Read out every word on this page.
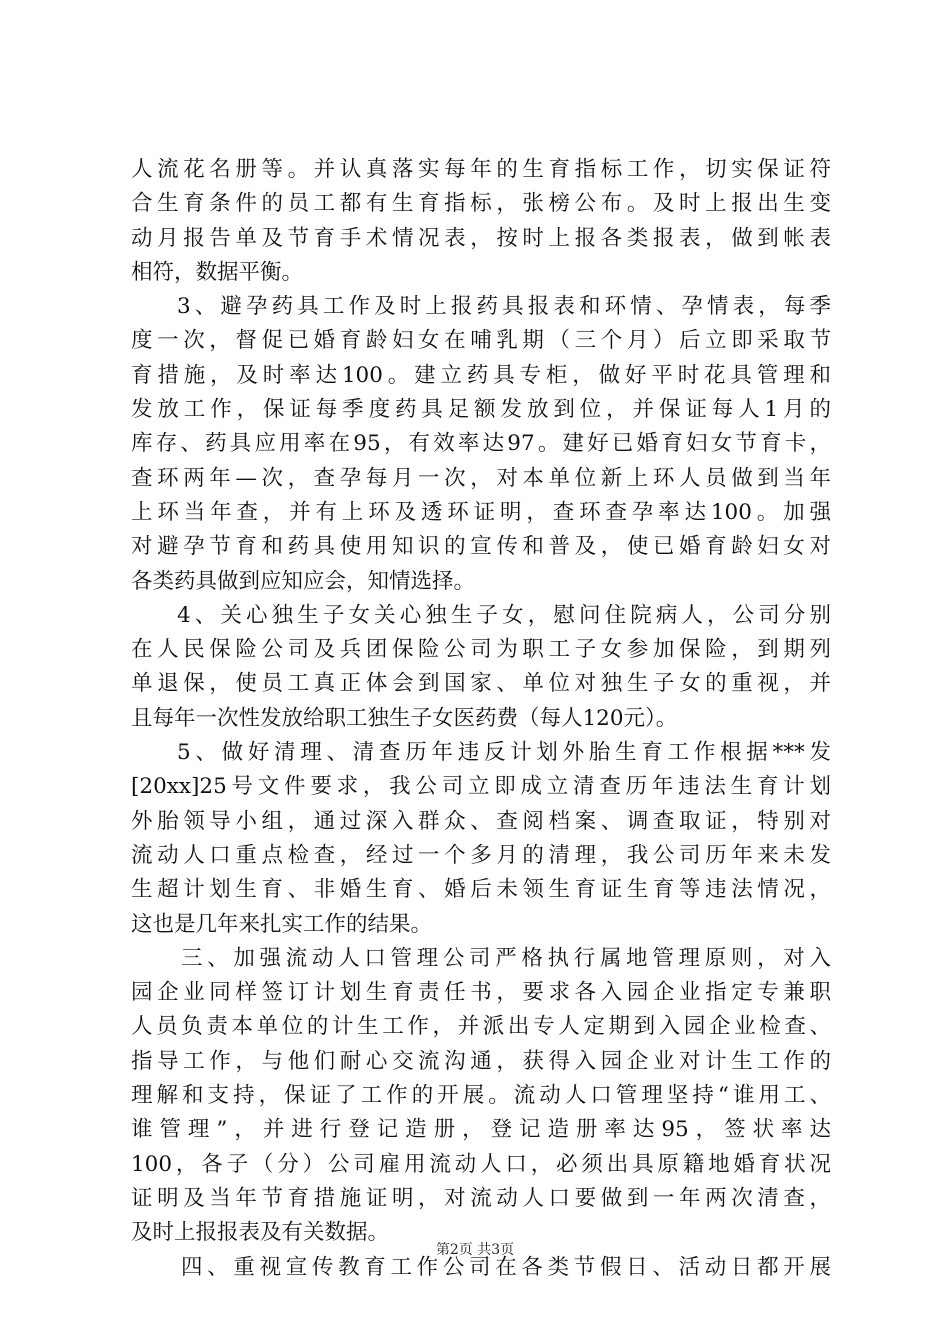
人流花名册等。并认真落实每年的生育指标工作，切实保证符
合生育条件的员工都有生育指标，张榜公布。及时上报出生变
动月报告单及节育手术情况表，按时上报各类报表，做到帐表
相符，数据平衡。
3、避孕药具工作及时上报药具报表和环情、孕情表，每季
度一次，督促已婚育龄妇女在哺乳期（三个月）后立即采取节
育措施，及时率达100。建立药具专柜，做好平时花具管理和
发放工作，保证每季度药具足额发放到位，并保证每人1月的
库存、药具应用率在95，有效率达97。建好已婚育妇女节育卡，
查环两年—次，查孕每月一次，对本单位新上环人员做到当年
上环当年查，并有上环及透环证明，查环查孕率达100。加强
对避孕节育和药具使用知识的宣传和普及，使已婚育龄妇女对
各类药具做到应知应会，知情选择。
4、关心独生子女关心独生子女，慰问住院病人，公司分别
在人民保险公司及兵团保险公司为职工子女参加保险，到期列
单退保，使员工真正体会到国家、单位对独生子女的重视，并
且每年一次性发放给职工独生子女医药费（每人120元）。
5、做好清理、清查历年违反计划外胎生育工作根据***发
[20xx]25号文件要求，我公司立即成立清查历年违法生育计划
外胎领导小组，通过深入群众、查阅档案、调查取证，特别对
流动人口重点检查，经过一个多月的清理，我公司历年来未发
生超计划生育、非婚生育、婚后未领生育证生育等违法情况，
这也是几年来扎实工作的结果。
三、加强流动人口管理公司严格执行属地管理原则，对入
园企业同样签订计划生育责任书，要求各入园企业指定专兼职
人员负责本单位的计生工作，并派出专人定期到入园企业检查、
指导工作，与他们耐心交流沟通，获得入园企业对计生工作的
理解和支持，保证了工作的开展。流动人口管理坚持“谁用工、
谁管理”，并进行登记造册，登记造册率达95，签状率达
100，各子（分）公司雇用流动人口，必须出具原籍地婚育状况
证明及当年节育措施证明，对流动人口要做到一年两次清查，
及时上报报表及有关数据。
四、重视宣传教育工作公司在各类节假日、活动日都开展
第2页 共3页
